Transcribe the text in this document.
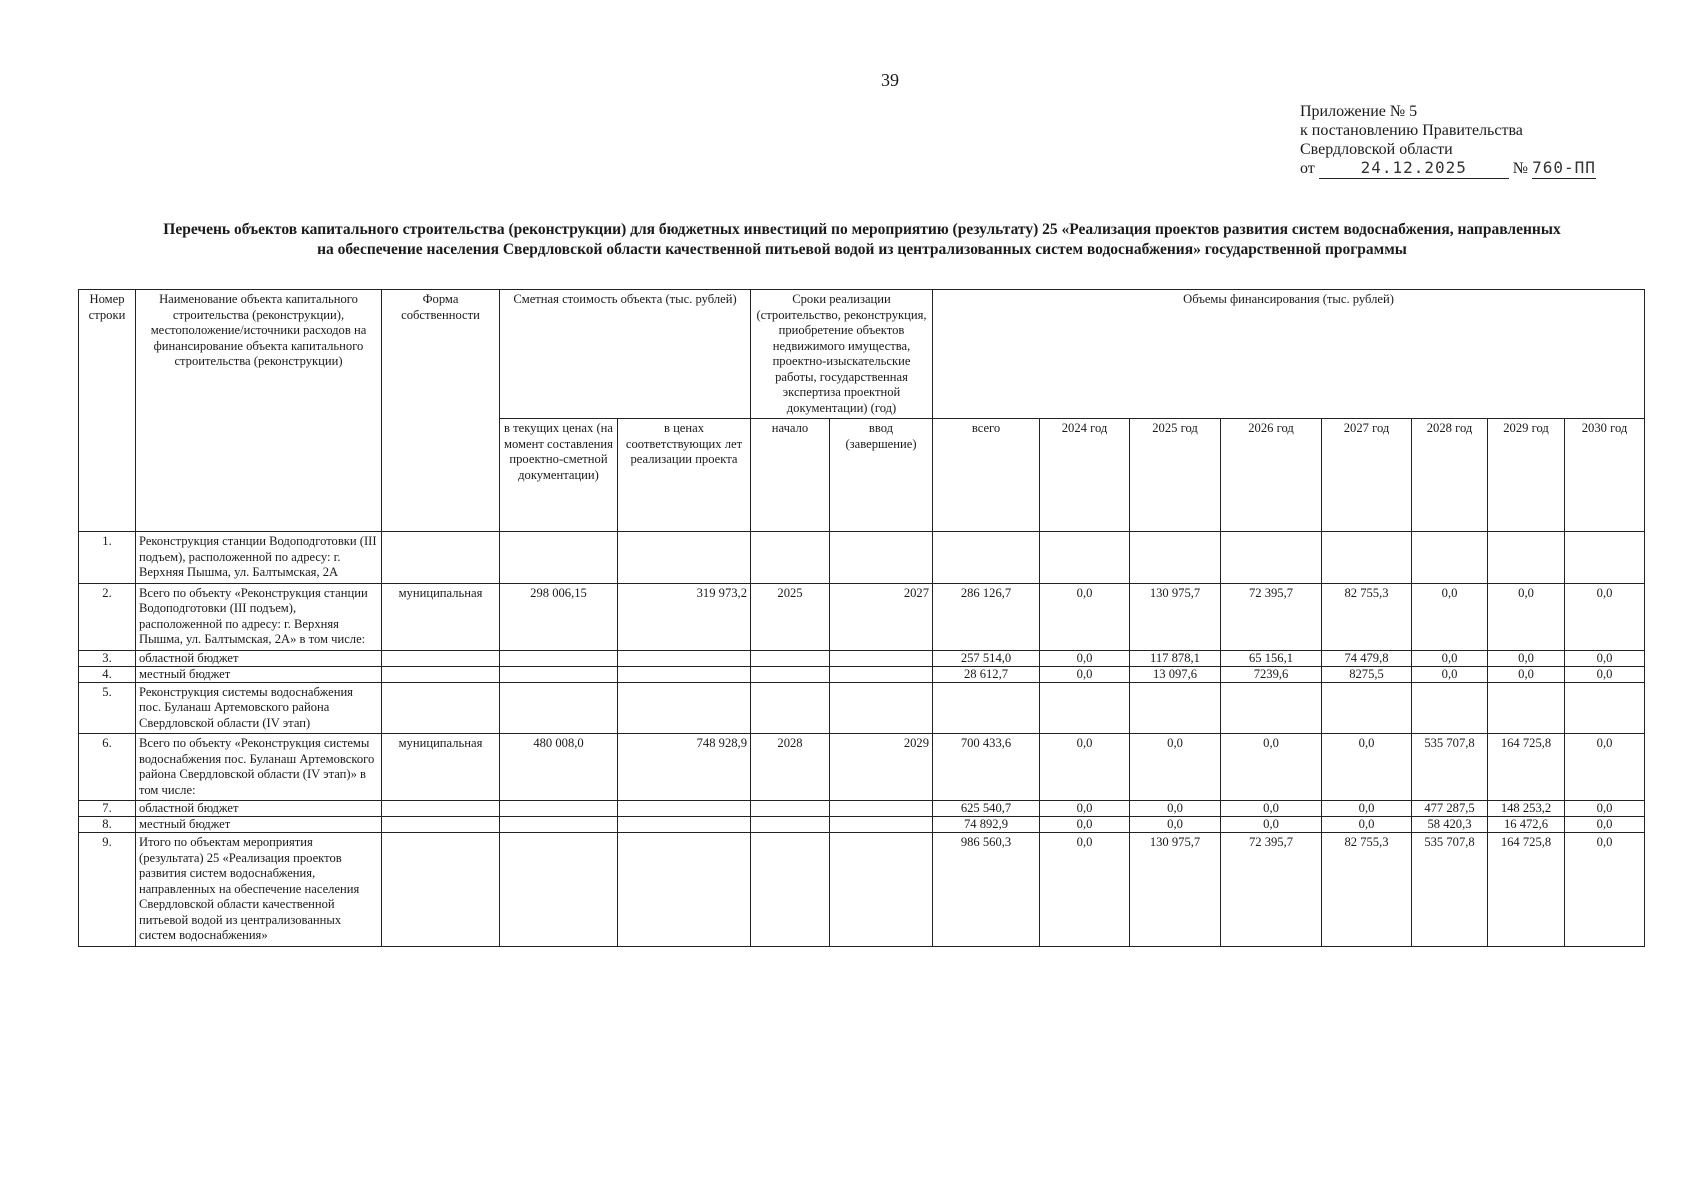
39
Приложение № 5
к постановлению Правительства
Свердловской области
от	24.12.2025	№ 760-ПП
Перечень объектов капитального строительства (реконструкции) для бюджетных инвестиций по мероприятию (результату) 25 «Реализация проектов развития систем водоснабжения, направленных
на обеспечение населения Свердловской области качественной питьевой водой из централизованных систем водоснабжения» государственной программы
Номер строки	Наименование объекта капитального строительства (реконструкции), местоположение/источники расходов на финансирование объекта капитального строительства (реконструкции)	Форма собственности	Сметная стоимость объекта (тыс. рублей)		Сроки реализации (строительство, реконструкция, приобретение объектов недвижимого имущества, проектно-изыскательские работы, государственная экспертиза проектной документации) (год)		Объемы финансирования (тыс. рублей)							
			в текущих ценах (на момент составления проектно-сметной документации)	в ценах соответствующих лет реализации проекта	начало	ввод (завершение)	всего	2024 год	2025 год	2026 год	2027 год	2028 год	2029 год	2030 год
1.	Реконструкция станции Водоподготовки (III подъем), расположенной по адресу: г. Верхняя Пышма, ул. Балтымская, 2А													
2.	Всего по объекту «Реконструкция станции Водоподготовки (III подъем), расположенной по адресу: г. Верхняя Пышма, ул. Балтымская, 2А» в том числе:	муниципальная	298 006,15	319 973,2	2025	2027	286 126,7	0,0	130 975,7	72 395,7	82 755,3	0,0	0,0	0,0
3.	областной бюджет						257 514,0	0,0	117 878,1	65 156,1	74 479,8	0,0	0,0	0,0
4.	местный бюджет						28 612,7	0,0	13 097,6	7239,6	8275,5	0,0	0,0	0,0
5.	Реконструкция системы водоснабжения пос. Буланаш Артемовского района Свердловской области (IV этап)													
6.	Всего по объекту «Реконструкция системы водоснабжения пос. Буланаш Артемовского района Свердловской области (IV этап)» в том числе:	муниципальная	480 008,0	748 928,9	2028	2029	700 433,6	0,0	0,0	0,0	0,0	535 707,8	164 725,8	0,0
7.	областной бюджет						625 540,7	0,0	0,0	0,0	0,0	477 287,5	148 253,2	0,0
8.	местный бюджет						74 892,9	0,0	0,0	0,0	0,0	58 420,3	16 472,6	0,0
9.	Итого по объектам мероприятия (результата) 25 «Реализация проектов развития систем водоснабжения, направленных на обеспечение населения Свердловской области качественной питьевой водой из централизованных систем водоснабжения»						986 560,3	0,0	130 975,7	72 395,7	82 755,3	535 707,8	164 725,8	0,0
